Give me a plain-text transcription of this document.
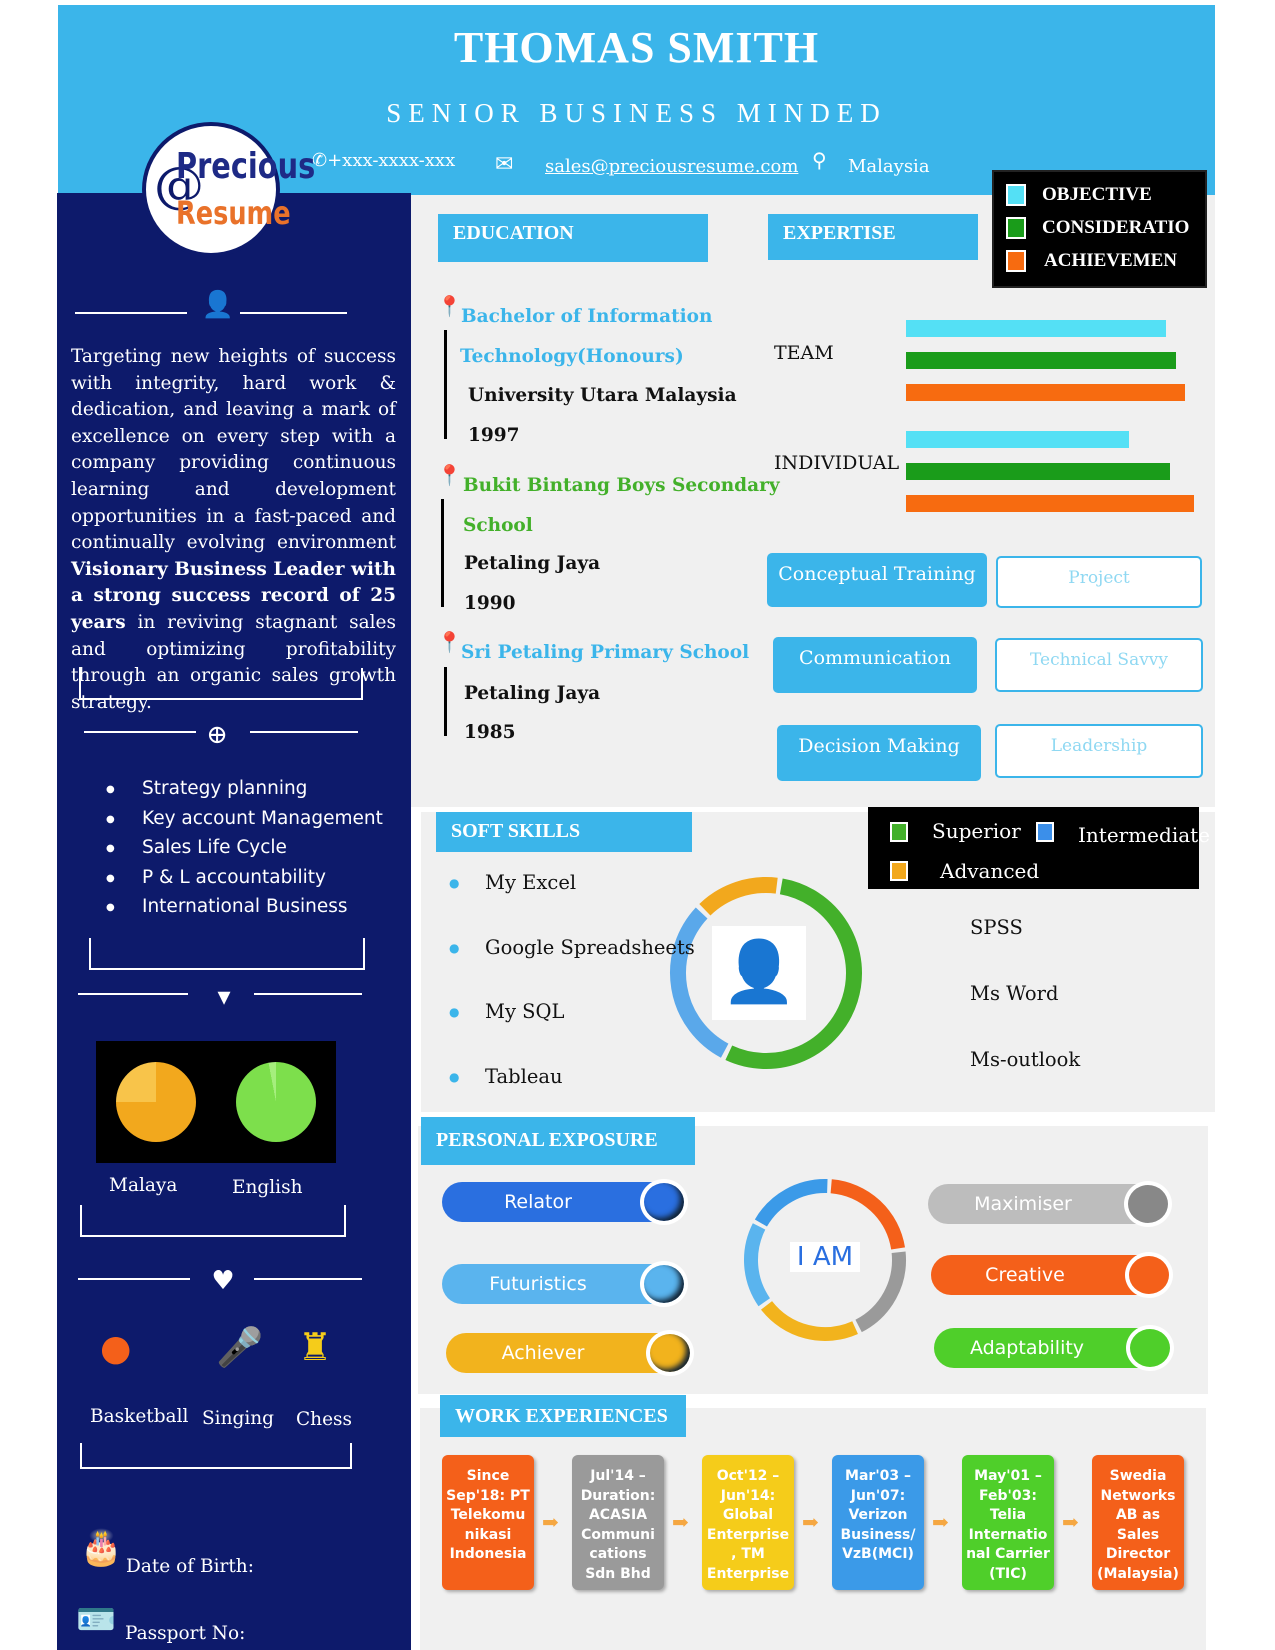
THOMAS SMITH
SENIOR BUSINESS MINDED
✆+xxx-xxxx-xxx ✉ sales@preciousresume.com ⚲ Malaysia
@
Precious
Resume
👤
Targeting new heights of success with integrity, hard work & dedication, and leaving a mark of excellence on every step with a company providing continuous learning and development opportunities in a fast-paced and continually evolving environment Visionary Business Leader with a strong success record of 25 years in reviving stagnant sales and optimizing profitability through an organic sales growth strategy.
⊕
▾
Malaya	English
♥
● 🎤 ♜
Basketball Singing Chess
🎂 Date of Birth:
🪪 Passport No:
EDUCATION	EXPERTISE
OBJECTIVE
CONSIDERATIO
ACHIEVEMEN
TEAM
INDIVIDUAL
SOFT SKILLS	Superior	Intermediate
Advanced
👤
PERSONAL EXPOSURE
I AM
WORK EXPERIENCES
● Strategy planning
● Key account Management
● Sales Life Cycle
● P & L accountability
● International Business
📍 Bachelor of Information
Technology(Honours)
University Utara Malaysia
1997
📍 Bukit Bintang Boys Secondary
School
Petaling Jaya
1990
📍 Sri Petaling Primary School
Petaling Jaya
1985
Conceptual Training	Project
Communication	Technical Savvy
Decision Making	Leadership
● My Excel
● Google Spreadsheets
● My SQL
● Tableau
SPSS
Ms Word
Ms-outlook
Relator
Futuristics
Achiever
Maximiser
Creative
Adaptability
Since
Sep'18: PT
Telekomu
nikasi
Indonesia
➡
Jul'14 –
Duration:
ACASIA
Communi
cations
Sdn Bhd
➡
Oct'12 –
Jun'14:
Global
Enterprise
, TM
Enterprise
➡
Mar'03 –
Jun'07:
Verizon
Business/
VzB(MCI)
➡
May'01 –
Feb'03:
Telia
Internatio
nal Carrier
(TIC)
➡
Swedia
Networks
AB as
Sales
Director
(Malaysia)
